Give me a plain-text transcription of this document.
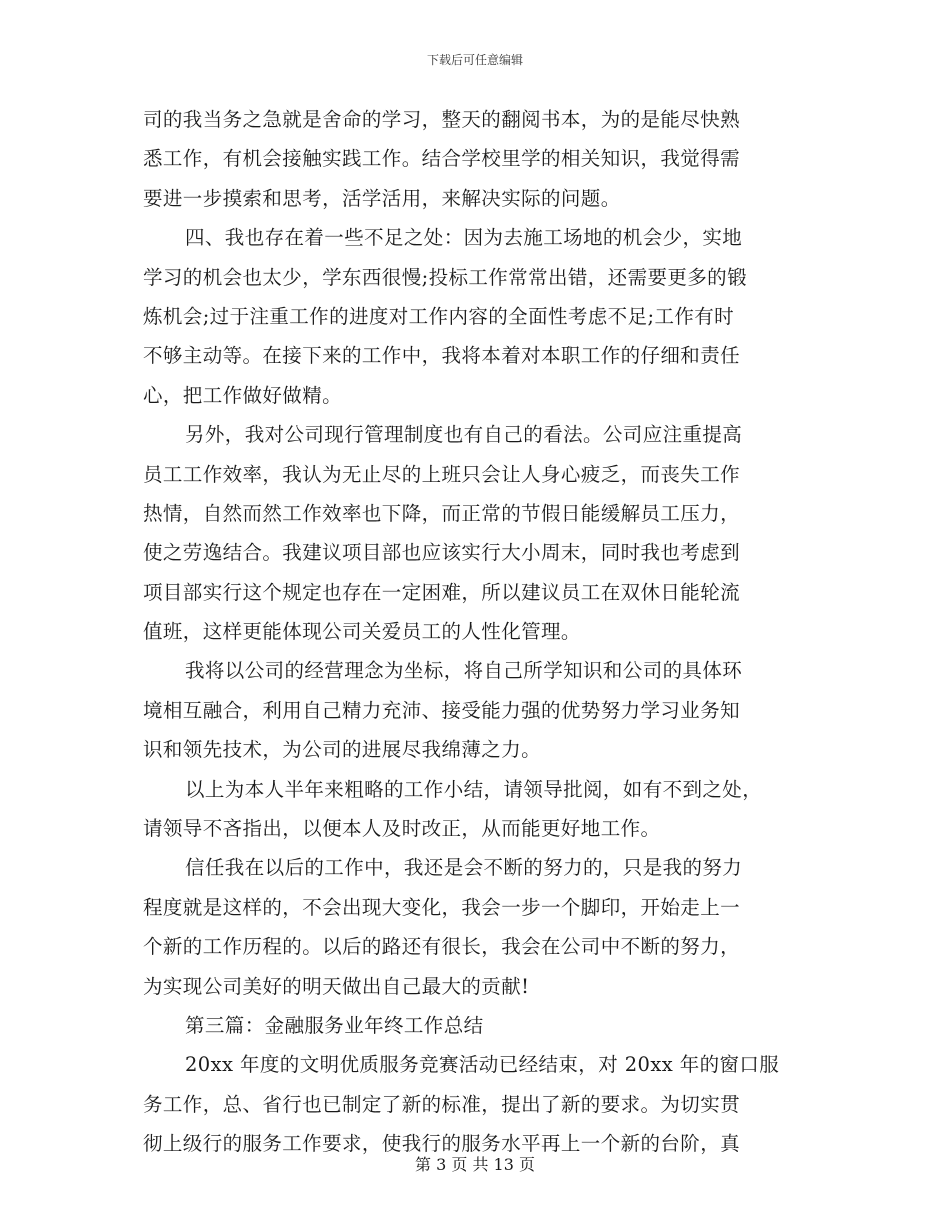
下载后可任意编辑
司的我当务之急就是舍命的学习，整天的翻阅书本，为的是能尽快熟
悉工作，有机会接触实践工作。结合学校里学的相关知识，我觉得需
要进一步摸索和思考，活学活用，来解决实际的问题。
四、我也存在着一些不足之处：因为去施工场地的机会少，实地
学习的机会也太少，学东西很慢;投标工作常常出错，还需要更多的锻
炼机会;过于注重工作的进度对工作内容的全面性考虑不足;工作有时
不够主动等。在接下来的工作中，我将本着对本职工作的仔细和责任
心，把工作做好做精。
另外，我对公司现行管理制度也有自己的看法。公司应注重提高
员工工作效率，我认为无止尽的上班只会让人身心疲乏，而丧失工作
热情，自然而然工作效率也下降，而正常的节假日能缓解员工压力，
使之劳逸结合。我建议项目部也应该实行大小周末，同时我也考虑到
项目部实行这个规定也存在一定困难，所以建议员工在双休日能轮流
值班，这样更能体现公司关爱员工的人性化管理。
我将以公司的经营理念为坐标，将自己所学知识和公司的具体环
境相互融合，利用自己精力充沛、接受能力强的优势努力学习业务知
识和领先技术，为公司的进展尽我绵薄之力。
以上为本人半年来粗略的工作小结，请领导批阅，如有不到之处，
请领导不吝指出，以便本人及时改正，从而能更好地工作。
信任我在以后的工作中，我还是会不断的努力的，只是我的努力
程度就是这样的，不会出现大变化，我会一步一个脚印，开始走上一
个新的工作历程的。以后的路还有很长，我会在公司中不断的努力，
为实现公司美好的明天做出自己最大的贡献!
第三篇：金融服务业年终工作总结
20xx 年度的文明优质服务竞赛活动已经结束，对 20xx 年的窗口服
务工作，总、省行也已制定了新的标准，提出了新的要求。为切实贯
彻上级行的服务工作要求，使我行的服务水平再上一个新的台阶，真
第 3 页 共 13 页
